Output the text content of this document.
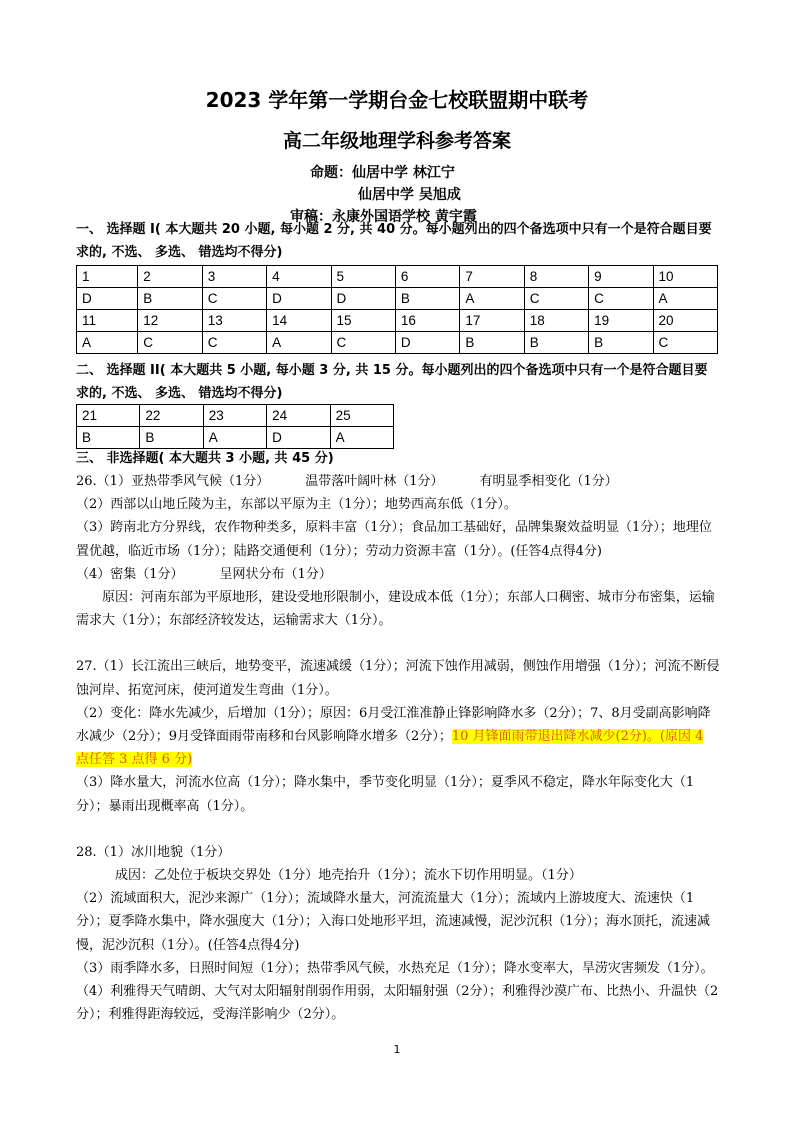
2023 学年第一学期台金七校联盟期中联考
高二年级地理学科参考答案
命题：仙居中学 林江宁
仙居中学 吴旭成
审稿：永康外国语学校 黄宇霞
一、 选择题 I( 本大题共 20 小题, 每小题 2 分, 共 40 分。每小题列出的四个备选项中只有一个是符合题目要求的, 不选、 多选、 错选均不得分)
1	2	3	4	5	6	7	8	9	10
D	B	C	D	D	B	A	C	C	A
11	12	13	14	15	16	17	18	19	20
A	C	C	A	C	D	B	B	B	C
二、 选择题 II( 本大题共 5 小题, 每小题 3 分, 共 15 分。每小题列出的四个备选项中只有一个是符合题目要求的, 不选、 多选、 错选均不得分)
21	22	23	24	25
B	B	A	D	A
三、 非选择题( 本大题共 3 小题, 共 45 分)

26.（1）亚热带季风气候（1分）	温带落叶阔叶林（1分）	有明显季相变化（1分）

（2）西部以山地丘陵为主，东部以平原为主（1分）；地势西高东低（1分）。

（3）跨南北方分界线，农作物种类多，原料丰富（1分）；食品加工基础好，品牌集聚效益明显（1分）；地理位置优越，临近市场（1分）；陆路交通便利（1分）；劳动力资源丰富（1分）。(任答4点得4分)

（4）密集（1分）	呈网状分布（1分）

原因：河南东部为平原地形，建设受地形限制小，建设成本低（1分）；东部人口稠密、城市分布密集，运输需求大（1分）；东部经济较发达，运输需求大（1分）。

27.（1）长江流出三峡后，地势变平，流速减缓（1分）；河流下蚀作用减弱，侧蚀作用增强（1分）；河流不断侵蚀河岸、拓宽河床，使河道发生弯曲（1分）。

（2）变化：降水先减少，后增加（1分）；原因：6月受江淮准静止锋影响降水多（2分）；7、8月受副高影响降水减少（2分）；9月受锋面雨带南移和台风影响降水增多（2分）；10 月锋面雨带退出降水减少(2分)。(原因 4 点任答 3 点得 6 分)

（3）降水量大，河流水位高（1分）；降水集中，季节变化明显（1分）；夏季风不稳定，降水年际变化大（1分）；暴雨出现概率高（1分）。

28.（1）冰川地貌（1分）

成因：乙处位于板块交界处（1分）地壳抬升（1分）；流水下切作用明显。（1分）

（2）流域面积大，泥沙来源广（1分）；流域降水量大，河流流量大（1分）；流域内上游坡度大、流速快（1分）；夏季降水集中，降水强度大（1分）；入海口处地形平坦，流速减慢，泥沙沉积（1分）；海水顶托，流速减慢，泥沙沉积（1分）。(任答4点得4分)

（3）雨季降水多，日照时间短（1分）；热带季风气候，水热充足（1分）；降水变率大，旱涝灾害频发（1分）。

（4）利雅得天气晴朗、大气对太阳辐射削弱作用弱，太阳辐射强（2分）；利雅得沙漠广布、比热小、升温快（2分）；利雅得距海较远，受海洋影响少（2分）。

1
